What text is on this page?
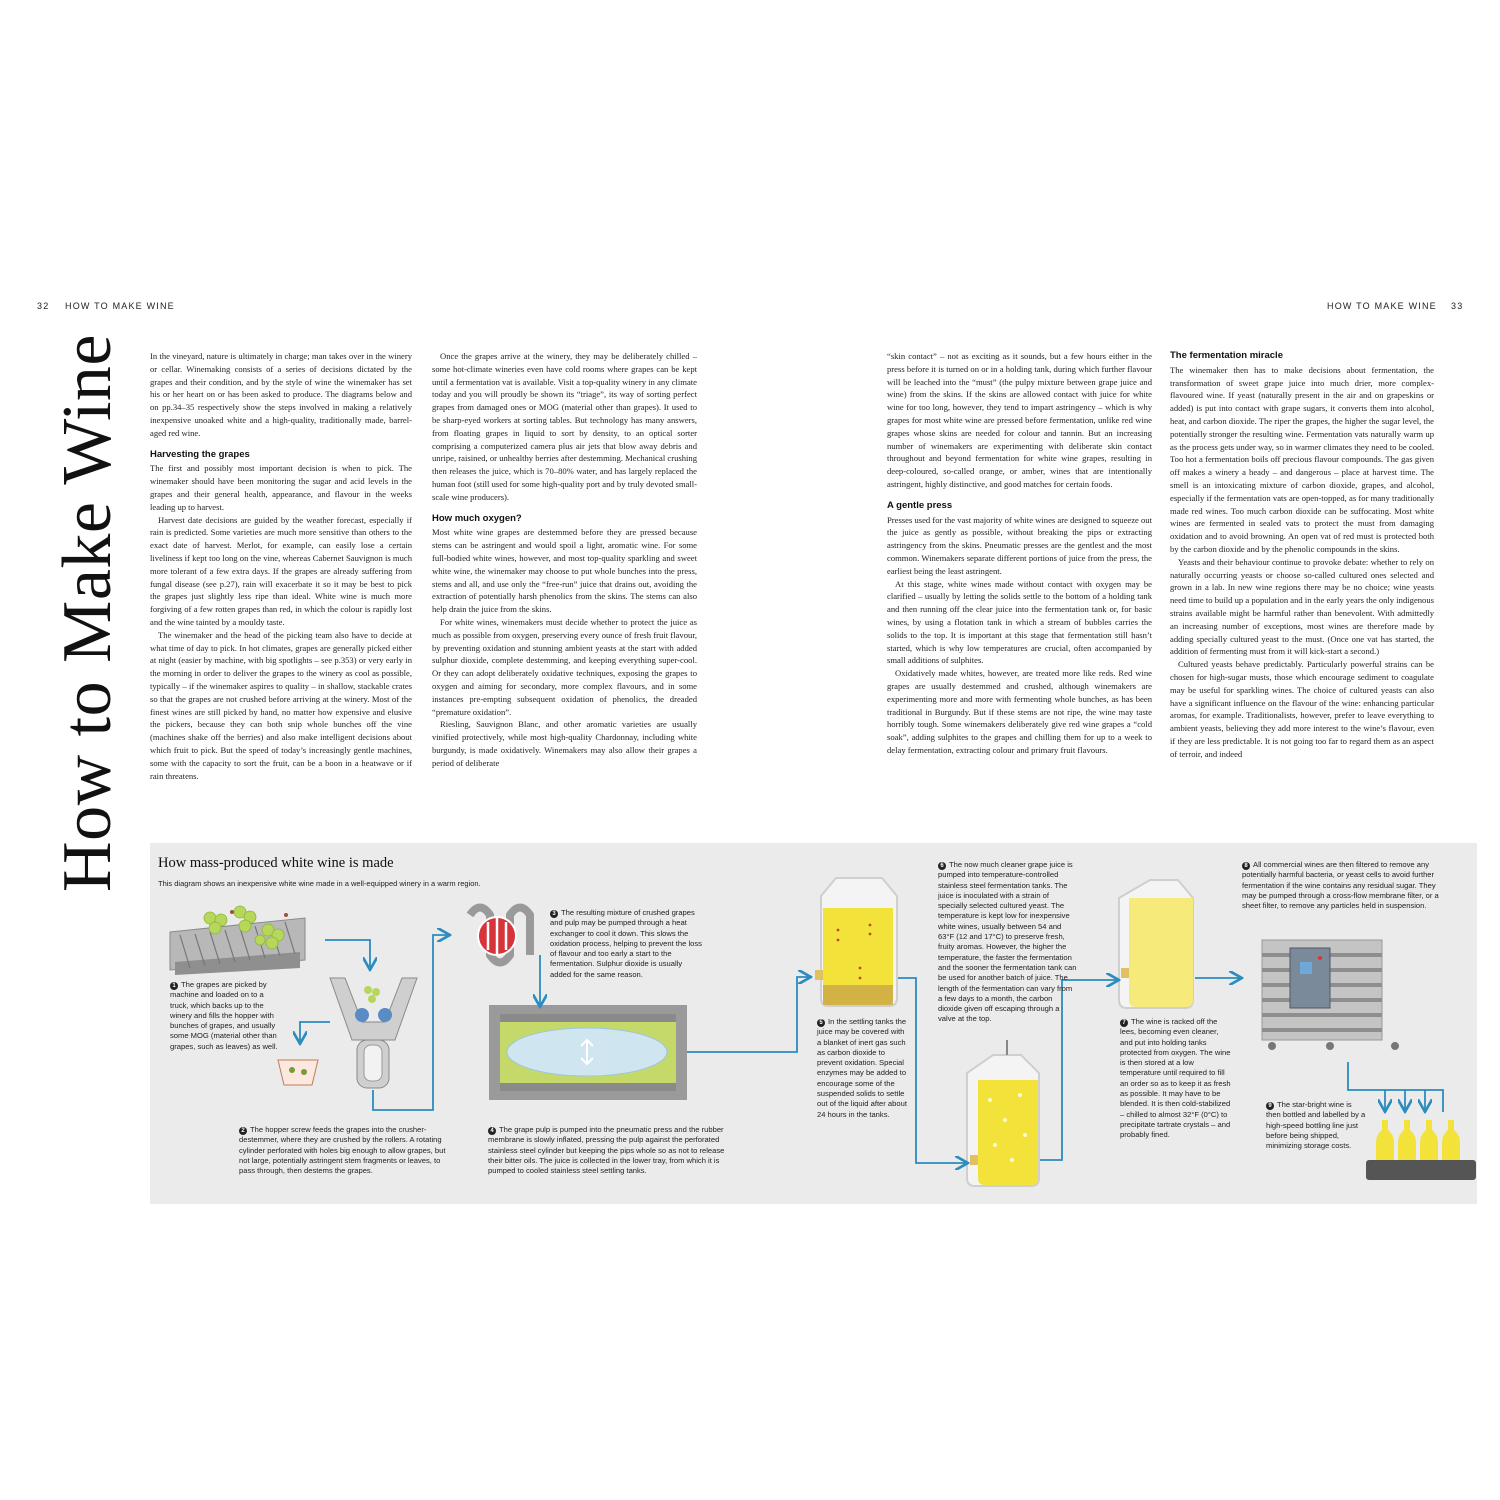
32 HOW TO MAKE WINE	HOW TO MAKE WINE 33
How to Make Wine	In the vineyard, nature is ultimately in charge; man takes over in the winery or cellar. Winemaking consists of a series of decisions dictated by the grapes and their condition, and by the style of wine the winemaker has set his or her heart on or has been asked to produce. The diagrams below and on pp.34–35 respectively show the steps involved in making a relatively inexpensive unoaked white and a high-quality, traditionally made, barrel-aged red wine.

Harvesting the grapes

The first and possibly most important decision is when to pick. The winemaker should have been monitoring the sugar and acid levels in the grapes and their general health, appearance, and flavour in the weeks leading up to harvest.

Harvest date decisions are guided by the weather forecast, especially if rain is predicted. Some varieties are much more sensitive than others to the exact date of harvest. Merlot, for example, can easily lose a certain liveliness if kept too long on the vine, whereas Cabernet Sauvignon is much more tolerant of a few extra days. If the grapes are already suffering from fungal disease (see p.27), rain will exacerbate it so it may be best to pick the grapes just slightly less ripe than ideal. White wine is much more forgiving of a few rotten grapes than red, in which the colour is rapidly lost and the wine tainted by a mouldy taste.

The winemaker and the head of the picking team also have to decide at what time of day to pick. In hot climates, grapes are generally picked either at night (easier by machine, with big spotlights – see p.353) or very early in the morning in order to deliver the grapes to the winery as cool as possible, typically – if the winemaker aspires to quality – in shallow, stackable crates so that the grapes are not crushed before arriving at the winery. Most of the finest wines are still picked by hand, no matter how expensive and elusive the pickers, because they can both snip whole bunches off the vine (machines shake off the berries) and also make intelligent decisions about which fruit to pick. But the speed of today’s increasingly gentle machines, some with the capacity to sort the fruit, can be a boon in a heatwave or if rain threatens.

Once the grapes arrive at the winery, they may be deliberately chilled – some hot-climate wineries even have cold rooms where grapes can be kept until a fermentation vat is available. Visit a top-quality winery in any climate today and you will proudly be shown its “triage”, its way of sorting perfect grapes from damaged ones or MOG (material other than grapes). It used to be sharp-eyed workers at sorting tables. But technology has many answers, from floating grapes in liquid to sort by density, to an optical sorter comprising a computerized camera plus air jets that blow away debris and unripe, raisined, or unhealthy berries after destemming. Mechanical crushing then releases the juice, which is 70–80% water, and has largely replaced the human foot (still used for some high-quality port and by truly devoted small-scale wine producers).

How much oxygen?

Most white wine grapes are destemmed before they are pressed because stems can be astringent and would spoil a light, aromatic wine. For some full-bodied white wines, however, and most top-quality sparkling and sweet white wine, the winemaker may choose to put whole bunches into the press, stems and all, and use only the “free-run” juice that drains out, avoiding the extraction of potentially harsh phenolics from the skins. The stems can also help drain the juice from the skins.

For white wines, winemakers must decide whether to protect the juice as much as possible from oxygen, preserving every ounce of fresh fruit flavour, by preventing oxidation and stunning ambient yeasts at the start with added sulphur dioxide, complete destemming, and keeping everything super-cool. Or they can adopt deliberately oxidative techniques, exposing the grapes to oxygen and aiming for secondary, more complex flavours, and in some instances pre-empting subsequent oxidation of phenolics, the dreaded “premature oxidation”.

Riesling, Sauvignon Blanc, and other aromatic varieties are usually vinified protectively, while most high-quality Chardonnay, including white burgundy, is made oxidatively. Winemakers may also allow their grapes a period of deliberate

“skin contact” – not as exciting as it sounds, but a few hours either in the press before it is turned on or in a holding tank, during which further flavour will be leached into the “must” (the pulpy mixture between grape juice and wine) from the skins. If the skins are allowed contact with juice for white wine for too long, however, they tend to impart astringency – which is why grapes for most white wine are pressed before fermentation, unlike red wine grapes whose skins are needed for colour and tannin. But an increasing number of winemakers are experimenting with deliberate skin contact throughout and beyond fermentation for white wine grapes, resulting in deep-coloured, so-called orange, or amber, wines that are intentionally astringent, highly distinctive, and good matches for certain foods.

A gentle press

Presses used for the vast majority of white wines are designed to squeeze out the juice as gently as possible, without breaking the pips or extracting astringency from the skins. Pneumatic presses are the gentlest and the most common. Winemakers separate different portions of juice from the press, the earliest being the least astringent.

At this stage, white wines made without contact with oxygen may be clarified – usually by letting the solids settle to the bottom of a holding tank and then running off the clear juice into the fermentation tank or, for basic wines, by using a flotation tank in which a stream of bubbles carries the solids to the top. It is important at this stage that fermentation still hasn’t started, which is why low temperatures are crucial, often accompanied by small additions of sulphites.

Oxidatively made whites, however, are treated more like reds. Red wine grapes are usually destemmed and crushed, although winemakers are experimenting more and more with fermenting whole bunches, as has been traditional in Burgundy. But if these stems are not ripe, the wine may taste horribly tough. Some winemakers deliberately give red wine grapes a “cold soak”, adding sulphites to the grapes and chilling them for up to a week to delay fermentation, extracting colour and primary fruit flavours.

The fermentation miracle

The winemaker then has to make decisions about fermentation, the transformation of sweet grape juice into much drier, more complex-flavoured wine. If yeast (naturally present in the air and on grapeskins or added) is put into contact with grape sugars, it converts them into alcohol, heat, and carbon dioxide. The riper the grapes, the higher the sugar level, the potentially stronger the resulting wine. Fermentation vats naturally warm up as the process gets under way, so in warmer climates they need to be cooled. Too hot a fermentation boils off precious flavour compounds. The gas given off makes a winery a heady – and dangerous – place at harvest time. The smell is an intoxicating mixture of carbon dioxide, grapes, and alcohol, especially if the fermentation vats are open-topped, as for many traditionally made red wines. Too much carbon dioxide can be suffocating. Most white wines are fermented in sealed vats to protect the must from damaging oxidation and to avoid browning. An open vat of red must is protected both by the carbon dioxide and by the phenolic compounds in the skins.

Yeasts and their behaviour continue to provoke debate: whether to rely on naturally occurring yeasts or choose so-called cultured ones selected and grown in a lab. In new wine regions there may be no choice; wine yeasts need time to build up a population and in the early years the only indigenous strains available might be harmful rather than benevolent. With admittedly an increasing number of exceptions, most wines are therefore made by adding specially cultured yeast to the must. (Once one vat has started, the addition of fermenting must from it will kick-start a second.)

Cultured yeasts behave predictably. Particularly powerful strains can be chosen for high-sugar musts, those which encourage sediment to coagulate may be useful for sparkling wines. The choice of cultured yeasts can also have a significant influence on the flavour of the wine: enhancing particular aromas, for example. Traditionalists, however, prefer to leave everything to ambient yeasts, believing they add more interest to the wine’s flavour, even if they are less predictable. It is not going too far to regard them as an aspect of terroir, and indeed

How mass-produced white wine is made
This diagram shows an inexpensive white wine made in a well-equipped winery in a warm region.
1 The grapes are picked by machine and loaded on to a truck, which backs up to the winery and fills the hopper with bunches of grapes, and usually some MOG (material other than grapes, such as leaves) as well.
2 The hopper screw feeds the grapes into the crusher-destemmer, where they are crushed by the rollers. A rotating cylinder perforated with holes big enough to allow grapes, but not large, potentially astringent stem fragments or leaves, to pass through, then destems the grapes.
3 The resulting mixture of crushed grapes and pulp may be pumped through a heat exchanger to cool it down. This slows the oxidation process, helping to prevent the loss of flavour and too early a start to the fermentation. Sulphur dioxide is usually added for the same reason.
4 The grape pulp is pumped into the pneumatic press and the rubber membrane is slowly inflated, pressing the pulp against the perforated stainless steel cylinder but keeping the pips whole so as not to release their bitter oils. The juice is collected in the lower tray, from which it is pumped to cooled stainless steel settling tanks.
5 In the settling tanks the juice may be covered with a blanket of inert gas such as carbon dioxide to prevent oxidation. Special enzymes may be added to encourage some of the suspended solids to settle out of the liquid after about 24 hours in the tanks.
6 The now much cleaner grape juice is pumped into temperature-controlled stainless steel fermentation tanks. The juice is inoculated with a strain of specially selected cultured yeast. The temperature is kept low for inexpensive white wines, usually between 54 and 63°F (12 and 17°C) to preserve fresh, fruity aromas. However, the higher the temperature, the faster the fermentation and the sooner the fermentation tank can be used for another batch of juice. The length of the fermentation can vary from a few days to a month, the carbon dioxide given off escaping through a valve at the top.	7 The wine is racked off the lees, becoming even cleaner, and put into holding tanks protected from oxygen. The wine is then stored at a low temperature until required to fill an order so as to keep it as fresh as possible. It may have to be blended. It is then cold-stabilized – chilled to almost 32°F (0°C) to precipitate tartrate crystals – and probably fined.
8 All commercial wines are then filtered to remove any potentially harmful bacteria, or yeast cells to avoid further fermentation if the wine contains any residual sugar. They may be pumped through a cross-flow membrane filter, or a sheet filter, to remove any particles held in suspension.
9 The star-bright wine is then bottled and labelled by a high-speed bottling line just before being shipped, minimizing storage costs.
